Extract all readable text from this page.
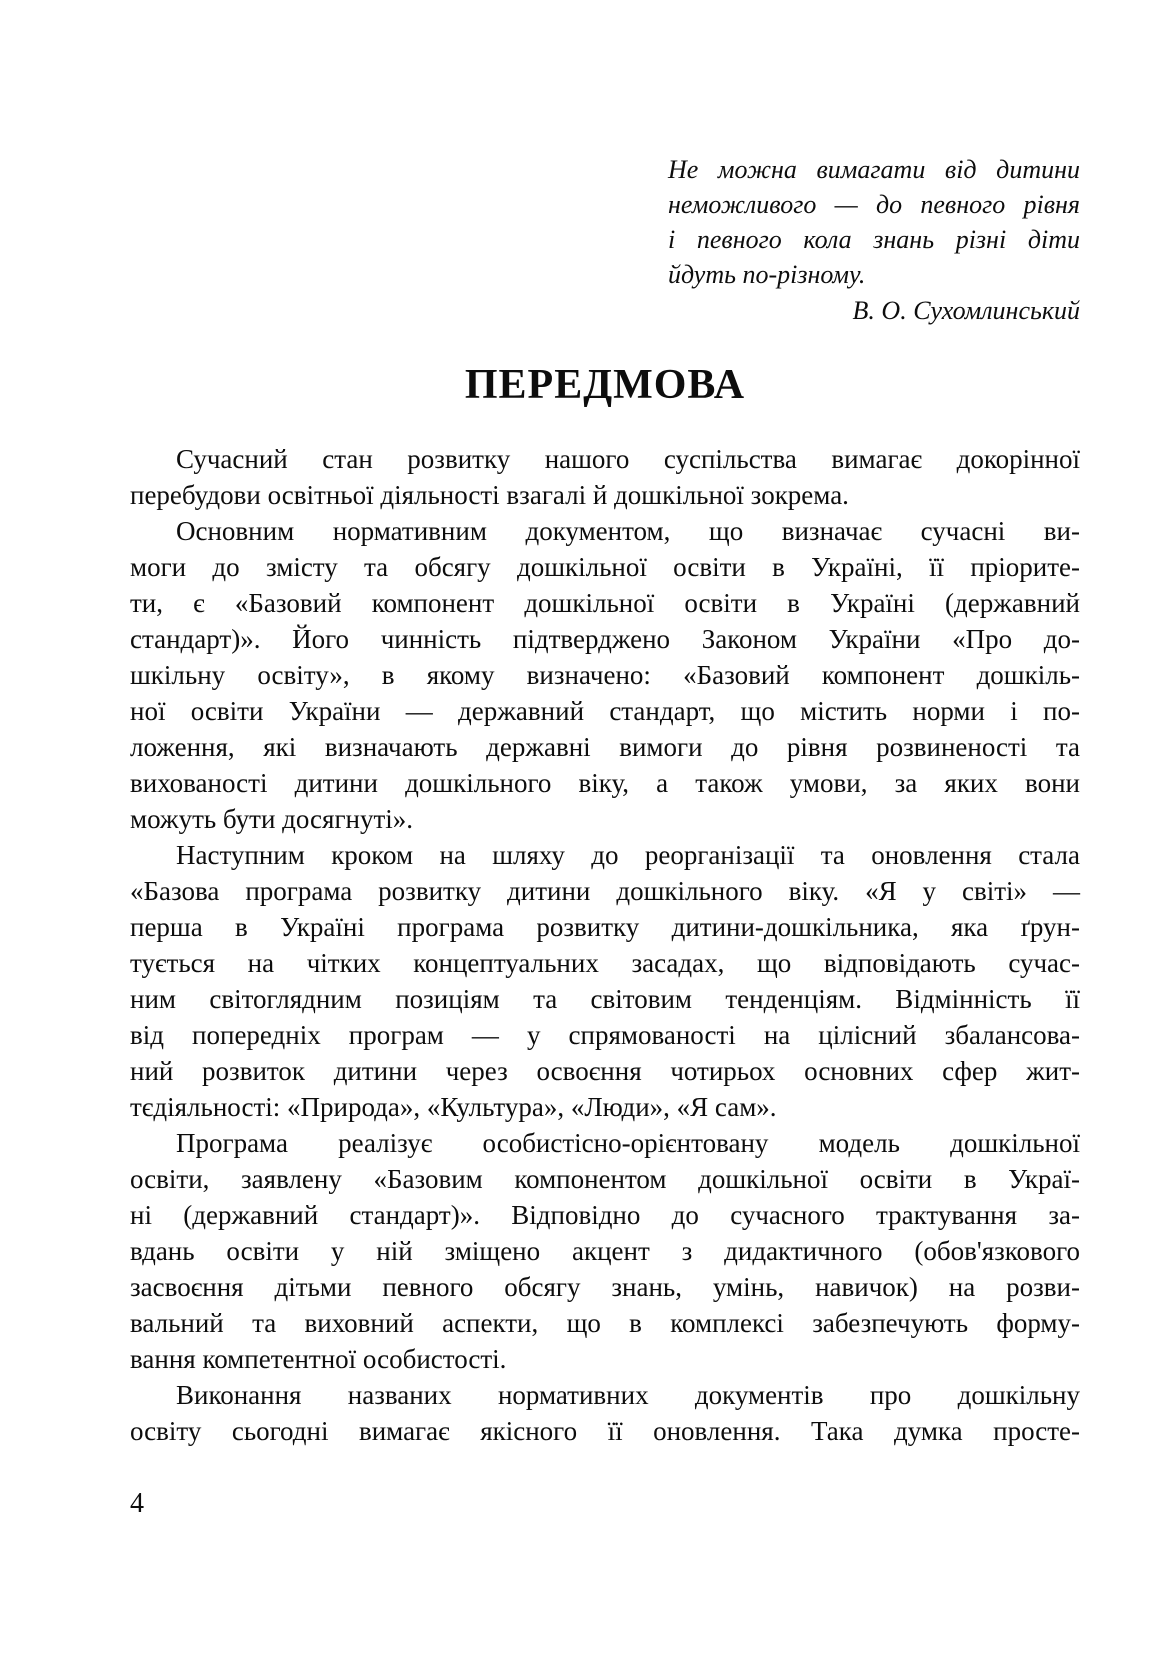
Не можна вимагати від дитини
неможливого — до певного рівня
і певного кола знань різні діти
йдуть по-різному.
В. О. Сухомлинський
ПЕРЕДМОВА
Сучасний стан розвитку нашого суспільства вимагає докорінної
перебудови освітньої діяльності взагалі й дошкільної зокрема.
Основним нормативним документом, що визначає сучасні ви-
моги до змісту та обсягу дошкільної освіти в Україні, її пріорите-
ти, є «Базовий компонент дошкільної освіти в Україні (державний
стандарт)». Його чинність підтверджено Законом України «Про до-
шкільну освіту», в якому визначено: «Базовий компонент дошкіль-
ної освіти України — державний стандарт, що містить норми і по-
ложення, які визначають державні вимоги до рівня розвиненості та
вихованості дитини дошкільного віку, а також умови, за яких вони
можуть бути досягнуті».
Наступним кроком на шляху до реорганізації та оновлення стала
«Базова програма розвитку дитини дошкільного віку. «Я у світі» —
перша в Україні програма розвитку дитини-дошкільника, яка ґрун-
тується на чітких концептуальних засадах, що відповідають сучас-
ним світоглядним позиціям та світовим тенденціям. Відмінність її
від попередніх програм — у спрямованості на цілісний збалансова-
ний розвиток дитини через освоєння чотирьох основних сфер жит-
тєдіяльності: «Природа», «Культура», «Люди», «Я сам».
Програма реалізує особистісно-орієнтовану модель дошкільної
освіти, заявлену «Базовим компонентом дошкільної освіти в Украї-
ні (державний стандарт)». Відповідно до сучасного трактування за-
вдань освіти у ній зміщено акцент з дидактичного (обов'язкового
засвоєння дітьми певного обсягу знань, умінь, навичок) на розви-
вальний та виховний аспекти, що в комплексі забезпечують форму-
вання компетентної особистості.
Виконання названих нормативних документів про дошкільну
освіту сьогодні вимагає якісного її оновлення. Така думка просте-
4
